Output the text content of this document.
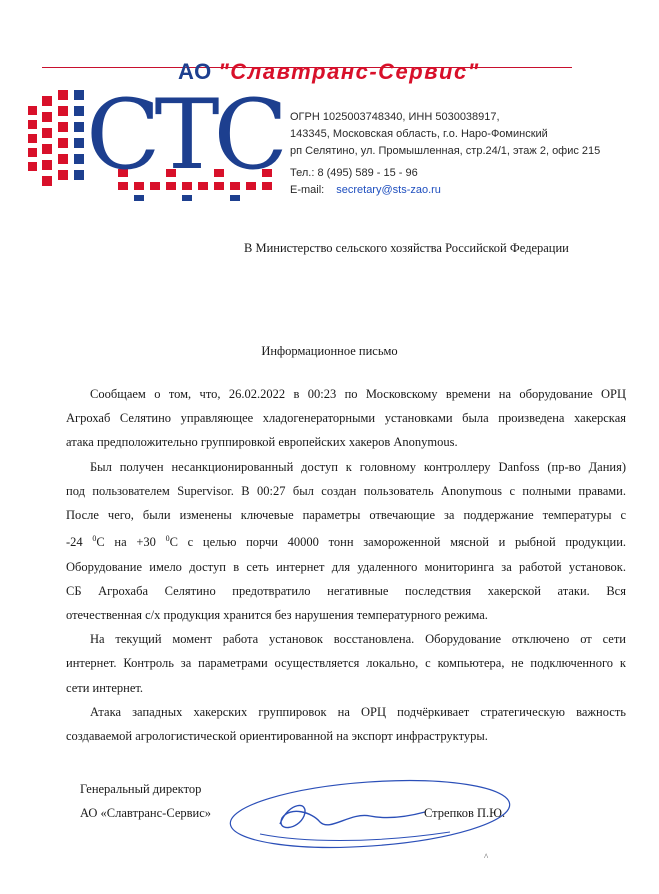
АО "Славтранс-Сервис"
СТС ОГРН 1025003748340, ИНН 5030038917,
143345, Московская область, г.о. Наро-Фоминский
рп Селятино, ул. Промышленная, стр.24/1, этаж 2, офис 215
Тел.: 8 (495) 589 - 15 - 96
E-mail: secretary@sts-zao.ru
В Министерство сельского хозяйства Российской Федерации
Информационное письмо
Сообщаем о том, что, 26.02.2022 в 00:23 по Московскому времени на оборудование ОРЦ
Агрохаб Селятино управляющее хладогенераторными установками была произведена хакерская
атака предположительно группировкой европейских хакеров Anonymous.
Был получен несанкционированный доступ к головному контроллеру Danfoss (пр-во Дания)
под пользователем Supervisor. В 00:27 был создан пользователь Anonymous с полными правами.
После чего, были изменены ключевые параметры отвечающие за поддержание температуры с
-24 $^0$С на +30 $^0$С с целью порчи 40000 тонн замороженной мясной и рыбной продукции.
Оборудование имело доступ в сеть интернет для удаленного мониторинга за работой установок.
СБ Агрохаба Селятино предотвратило негативные последствия хакерской атаки. Вся
отечественная с/х продукция хранится без нарушения температурного режима.
На текущий момент работа установок восстановлена. Оборудование отключено от сети
интернет. Контроль за параметрами осуществляется локально, с компьютера, не подключенного к
сети интернет.
Атака западных хакерских группировок на ОРЦ подчёркивает стратегическую важность
создаваемой агрологистической ориентированной на экспорт инфраструктуры.
Генеральный директор
АО «Славтранс-Сервис»	Стрепков П.Ю.
^
